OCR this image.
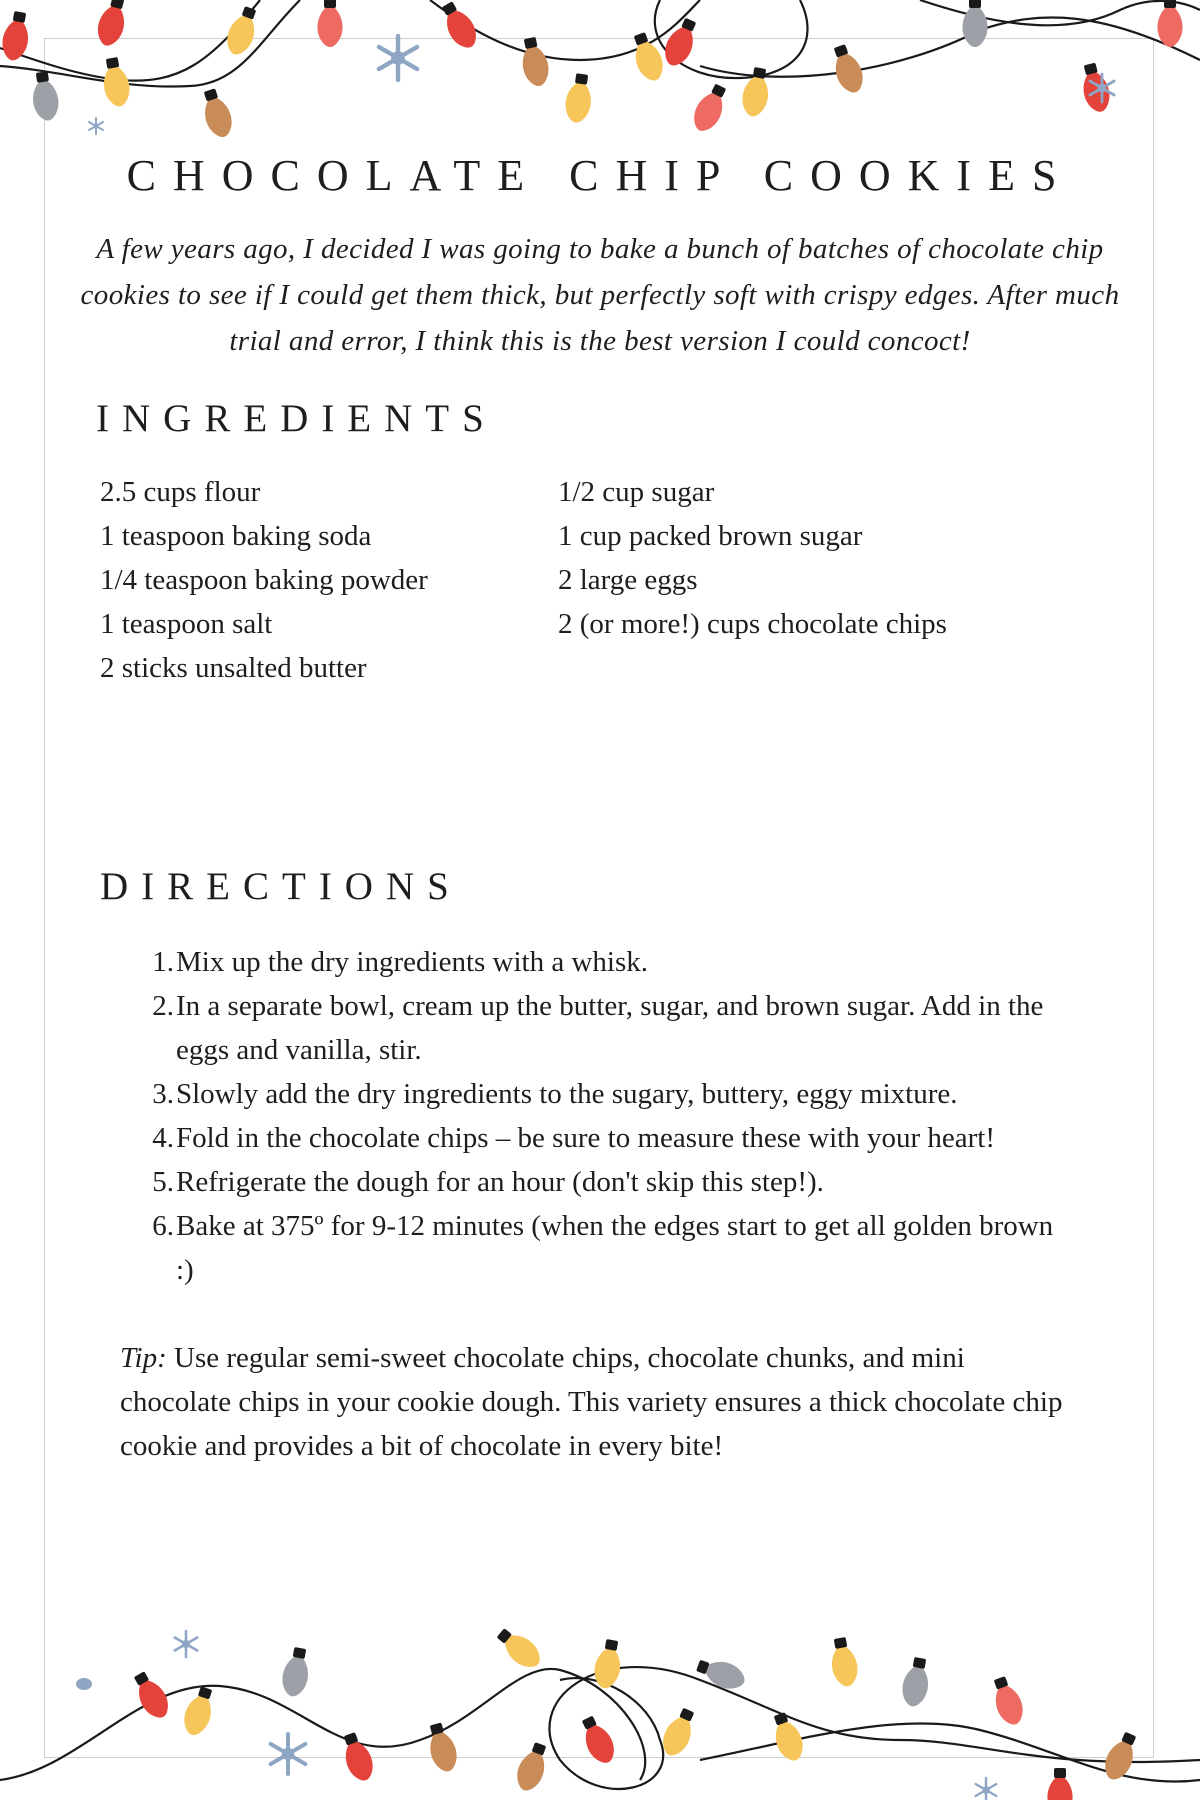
CHOCOLATE CHIP COOKIES

A few years ago, I decided I was going to bake a bunch of batches of chocolate chip cookies to see if I could get them thick, but perfectly soft with crispy edges. After much trial and error, I think this is the best version I could concoct!

INGREDIENTS
2.5 cups flour
1 teaspoon baking soda
1/4 teaspoon baking powder
1 teaspoon salt
2 sticks unsalted butter
1/2 cup sugar
1 cup packed brown sugar
2 large eggs
2 (or more!) cups chocolate chips
DIRECTIONS
1. Mix up the dry ingredients with a whisk.
2. In a separate bowl, cream up the butter, sugar, and brown sugar. Add in the eggs and vanilla, stir.
3. Slowly add the dry ingredients to the sugary, buttery, eggy mixture.
4. Fold in the chocolate chips – be sure to measure these with your heart!
5. Refrigerate the dough for an hour (don't skip this step!).
6. Bake at 375º for 9-12 minutes (when the edges start to get all golden brown :)

Tip: Use regular semi-sweet chocolate chips, chocolate chunks, and mini chocolate chips in your cookie dough. This variety ensures a thick chocolate chip cookie and provides a bit of chocolate in every bite!
